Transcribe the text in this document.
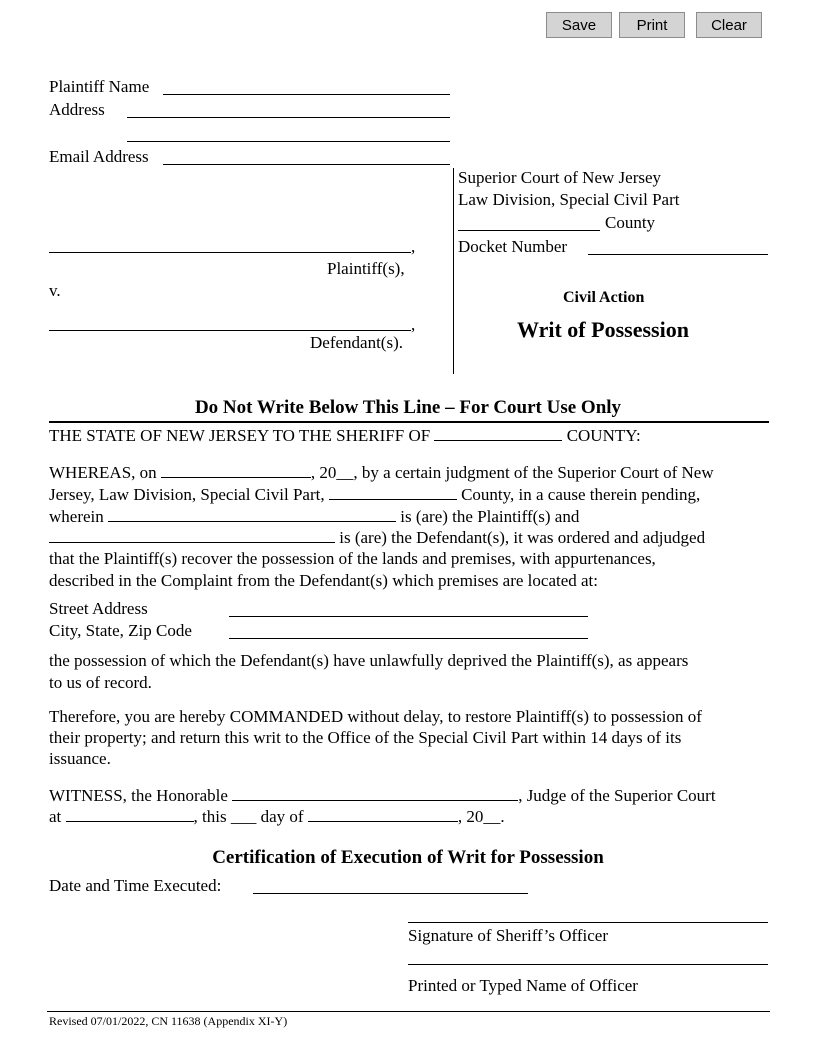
Save	Print	Clear
Plaintiff Name
Address
Email Address
,
Plaintiff(s),
v.
,
Defendant(s).
Superior Court of New Jersey
Law Division, Special Civil Part
County
Docket Number
Civil Action
Writ of Possession
Do Not Write Below This Line – For Court Use Only
THE STATE OF NEW JERSEY TO THE SHERIFF OF	COUNTY:
WHEREAS, on	, 20__, by a certain judgment of the Superior Court of New
Jersey, Law Division, Special Civil Part,	County, in a cause therein pending,
wherein	is (are) the Plaintiff(s) and
is (are) the Defendant(s), it was ordered and adjudged
that the Plaintiff(s) recover the possession of the lands and premises, with appurtenances,
described in the Complaint from the Defendant(s) which premises are located at:
Street Address
City, State, Zip Code
the possession of which the Defendant(s) have unlawfully deprived the Plaintiff(s), as appears
to us of record.
Therefore, you are hereby COMMANDED without delay, to restore Plaintiff(s) to possession of
their property; and return this writ to the Office of the Special Civil Part within 14 days of its
issuance.
WITNESS, the Honorable	, Judge of the Superior Court
at	, this ___ day of	, 20__.
Certification of Execution of Writ for Possession
Date and Time Executed:
Signature of Sheriff’s Officer
Printed or Typed Name of Officer
Revised 07/01/2022, CN 11638 (Appendix XI-Y)
